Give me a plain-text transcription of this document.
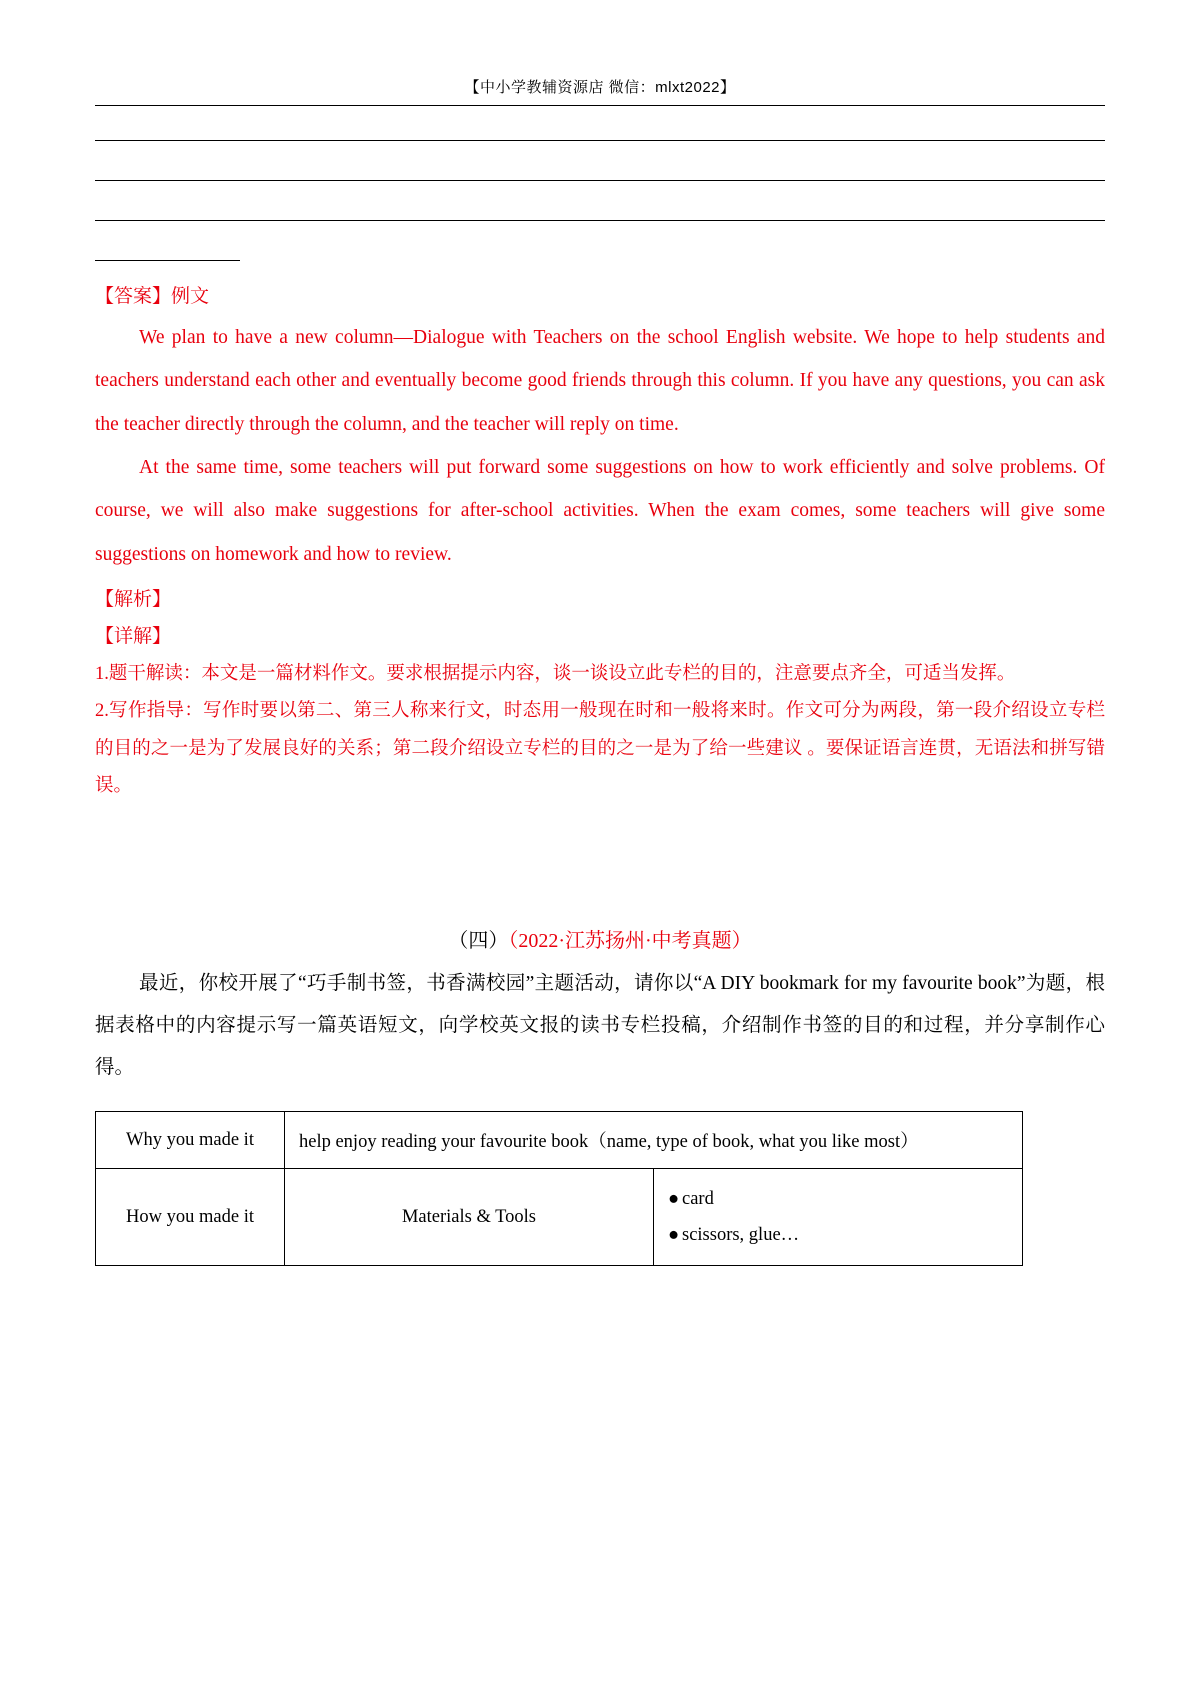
【中小学教辅资源店 微信：mlxt2022】

【答案】例文

We plan to have a new column—Dialogue with Teachers on the school English website. We hope to help students and teachers understand each other and eventually become good friends through this column. If you have any questions, you can ask the teacher directly through the column, and the teacher will reply on time.

At the same time, some teachers will put forward some suggestions on how to work efficiently and solve problems. Of course, we will also make suggestions for after-school activities. When the exam comes, some teachers will give some suggestions on homework and how to review.

【解析】

【详解】

1.题干解读：本文是一篇材料作文。要求根据提示内容，谈一谈设立此专栏的目的，注意要点齐全，可适当发挥。

2.写作指导：写作时要以第二、第三人称来行文，时态用一般现在时和一般将来时。作文可分为两段，第一段介绍设立专栏的目的之一是为了发展良好的关系；第二段介绍设立专栏的目的之一是为了给一些建议 。要保证语言连贯，无语法和拼写错误。

（四）（2022·江苏扬州·中考真题）

最近，你校开展了“巧手制书签，书香满校园”主题活动，请你以“A DIY bookmark for my favourite book”为题，根据表格中的内容提示写一篇英语短文，向学校英文报的读书专栏投稿，介绍制作书签的目的和过程，并分享制作心得。

Why you made it	help enjoy reading your favourite book（name, type of book, what you like most）	
How you made it	Materials & Tools	● card
● scissors, glue…
